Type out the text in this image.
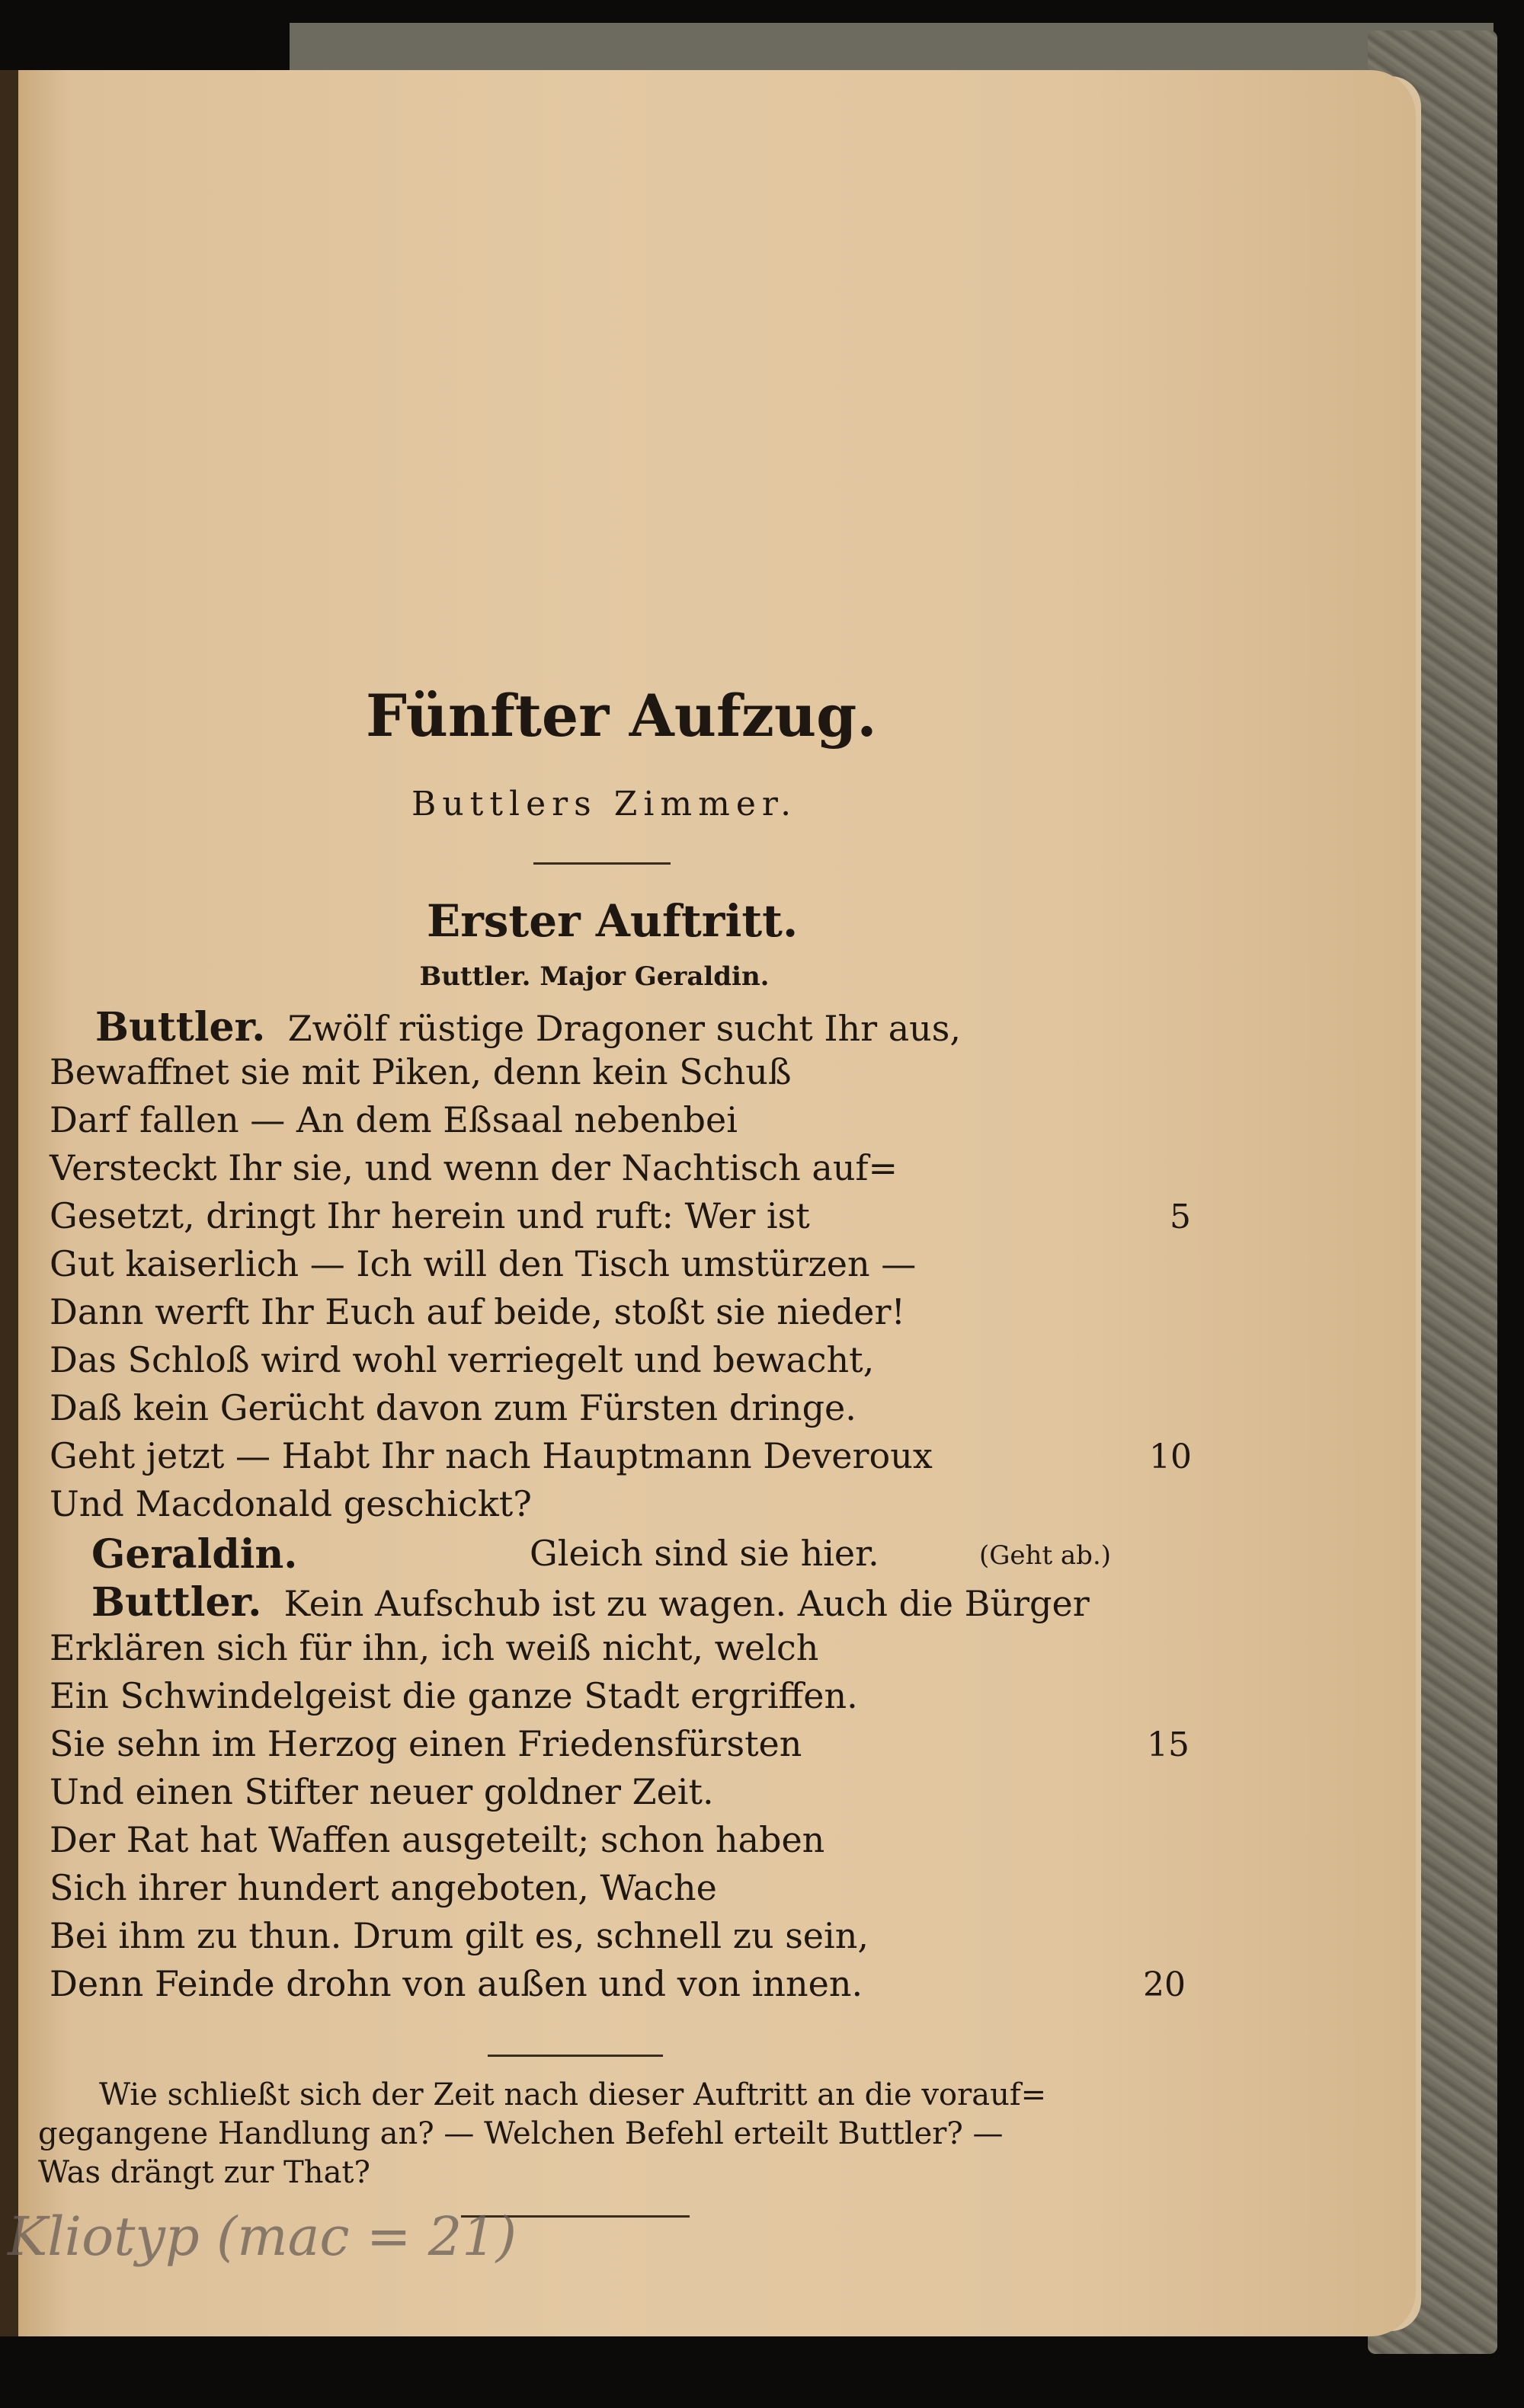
Fünfter Aufzug.
Buttlers Zimmer.
Erster Auftritt.
Buttler. Major Geraldin.
Buttler. Zwölf rüstige Dragoner sucht Ihr aus,
Bewaffnet sie mit Piken, denn kein Schuß
Darf fallen — An dem Eßsaal nebenbei
Versteckt Ihr sie, und wenn der Nachtisch auf=
Gesetzt, dringt Ihr herein und ruft: Wer ist	5
Gut kaiserlich — Ich will den Tisch umstürzen —
Dann werft Ihr Euch auf beide, stoßt sie nieder!
Das Schloß wird wohl verriegelt und bewacht,
Daß kein Gerücht davon zum Fürsten dringe.
Geht jetzt — Habt Ihr nach Hauptmann Deveroux	10
Und Macdonald geschickt?
Geraldin.	Gleich sind sie hier.	(Geht ab.)
Buttler. Kein Aufschub ist zu wagen. Auch die Bürger
Erklären sich für ihn, ich weiß nicht, welch
Ein Schwindelgeist die ganze Stadt ergriffen.
Sie sehn im Herzog einen Friedensfürsten	15
Und einen Stifter neuer goldner Zeit.
Der Rat hat Waffen ausgeteilt; schon haben
Sich ihrer hundert angeboten, Wache
Bei ihm zu thun. Drum gilt es, schnell zu sein,
Denn Feinde drohn von außen und von innen.	20
Wie schließt sich der Zeit nach dieser Auftritt an die vorauf=
gegangene Handlung an? — Welchen Befehl erteilt Buttler? —
Was drängt zur That?
Kliotyp (mac = 21)
